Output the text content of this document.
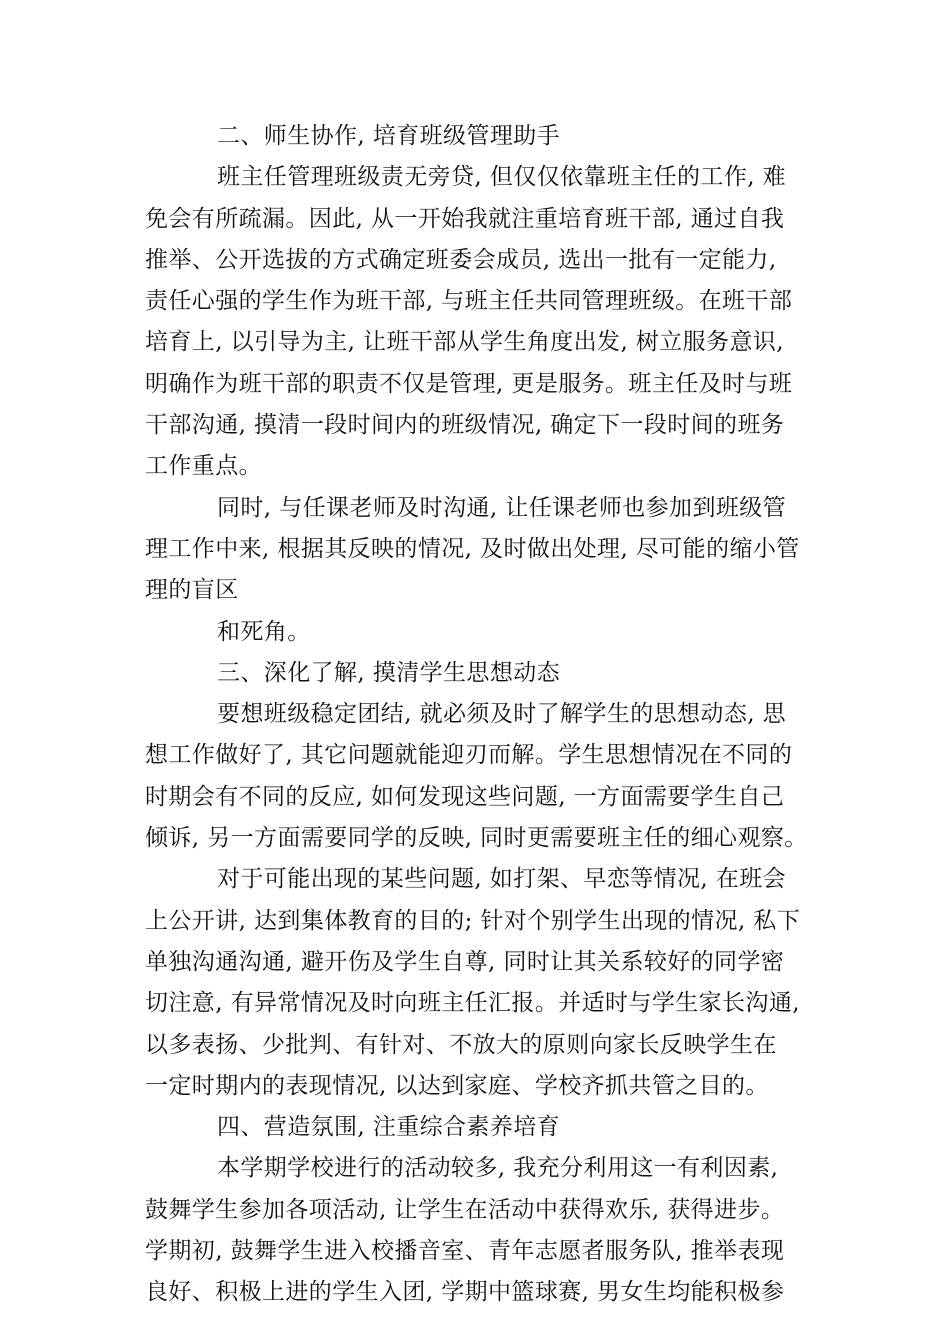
二、师生协作, 培育班级管理助手
班主任管理班级责无旁贷, 但仅仅依靠班主任的工作, 难
免会有所疏漏。因此, 从一开始我就注重培育班干部, 通过自我
推举、公开选拔的方式确定班委会成员, 选出一批有一定能力,
责任心强的学生作为班干部, 与班主任共同管理班级。在班干部
培育上, 以引导为主, 让班干部从学生角度出发, 树立服务意识,
明确作为班干部的职责不仅是管理, 更是服务。班主任及时与班
干部沟通, 摸清一段时间内的班级情况, 确定下一段时间的班务
工作重点。
同时, 与任课老师及时沟通, 让任课老师也参加到班级管
理工作中来, 根据其反映的情况, 及时做出处理, 尽可能的缩小管
理的盲区
和死角。
三、深化了解, 摸清学生思想动态
要想班级稳定团结, 就必须及时了解学生的思想动态, 思
想工作做好了, 其它问题就能迎刃而解。学生思想情况在不同的
时期会有不同的反应, 如何发现这些问题, 一方面需要学生自己
倾诉, 另一方面需要同学的反映, 同时更需要班主任的细心观察。
对于可能出现的某些问题, 如打架、早恋等情况, 在班会
上公开讲, 达到集体教育的目的; 针对个别学生出现的情况, 私下
单独沟通沟通, 避开伤及学生自尊, 同时让其关系较好的同学密
切注意, 有异常情况及时向班主任汇报。并适时与学生家长沟通,
以多表扬、少批判、有针对、不放大的原则向家长反映学生在
一定时期内的表现情况, 以达到家庭、学校齐抓共管之目的。
四、营造氛围, 注重综合素养培育
本学期学校进行的活动较多, 我充分利用这一有利因素,
鼓舞学生参加各项活动, 让学生在活动中获得欢乐, 获得进步。
学期初, 鼓舞学生进入校播音室、青年志愿者服务队, 推举表现
良好、积极上进的学生入团, 学期中篮球赛, 男女生均能积极参
